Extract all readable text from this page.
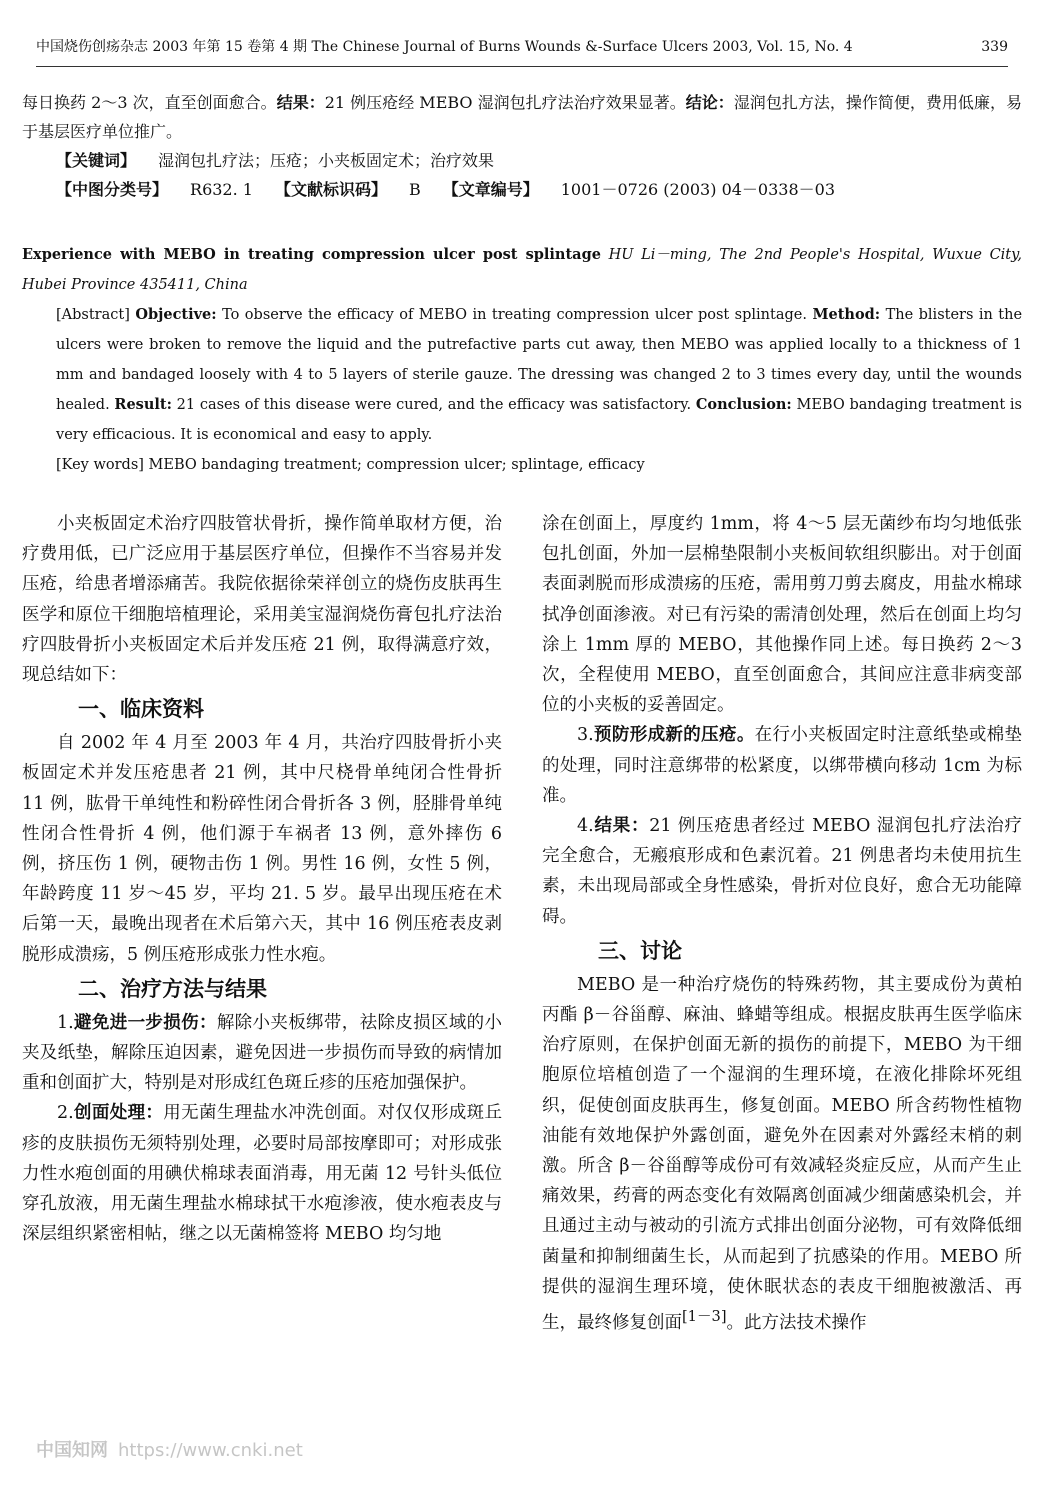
中国烧伤创疡杂志 2003 年第 15 卷第 4 期 The Chinese Journal of Burns Wounds &-Surface Ulcers 2003, Vol. 15, No. 4	339

每日换药 2～3 次，直至创面愈合。结果：21 例压疮经 MEBO 湿润包扎疗法治疗效果显著。结论：湿润包扎方法，操作简便，费用低廉，易于基层医疗单位推广。

【关键词】 湿润包扎疗法；压疮；小夹板固定术；治疗效果

【中图分类号】 R632. 1 【文献标识码】 B 【文章编号】 1001－0726 (2003) 04－0338－03

Experience with MEBO in treating compression ulcer post splintage HU Li－ming, The 2nd People's Hospital, Wuxue City, Hubei Province 435411, China

[Abstract] Objective: To observe the efficacy of MEBO in treating compression ulcer post splintage. Method: The blisters in the ulcers were broken to remove the liquid and the putrefactive parts cut away, then MEBO was applied locally to a thickness of 1 mm and bandaged loosely with 4 to 5 layers of sterile gauze. The dressing was changed 2 to 3 times every day, until the wounds healed. Result: 21 cases of this disease were cured, and the efficacy was satisfactory. Conclusion: MEBO bandaging treatment is very efficacious. It is economical and easy to apply.

[Key words] MEBO bandaging treatment; compression ulcer; splintage, efficacy

小夹板固定术治疗四肢管状骨折，操作简单取材方便，治疗费用低，已广泛应用于基层医疗单位，但操作不当容易并发压疮，给患者增添痛苦。我院依据徐荣祥创立的烧伤皮肤再生医学和原位干细胞培植理论，采用美宝湿润烧伤膏包扎疗法治疗四肢骨折小夹板固定术后并发压疮 21 例，取得满意疗效，现总结如下：

一、临床资料

自 2002 年 4 月至 2003 年 4 月，共治疗四肢骨折小夹板固定术并发压疮患者 21 例，其中尺桡骨单纯闭合性骨折 11 例，肱骨干单纯性和粉碎性闭合骨折各 3 例，胫腓骨单纯性闭合性骨折 4 例，他们源于车祸者 13 例，意外摔伤 6 例，挤压伤 1 例，硬物击伤 1 例。男性 16 例，女性 5 例，年龄跨度 11 岁～45 岁，平均 21. 5 岁。最早出现压疮在术后第一天，最晚出现者在术后第六天，其中 16 例压疮表皮剥脱形成溃疡，5 例压疮形成张力性水疱。

二、治疗方法与结果

1.避免进一步损伤：解除小夹板绑带，祛除皮损区域的小夹及纸垫，解除压迫因素，避免因进一步损伤而导致的病情加重和创面扩大，特别是对形成红色斑丘疹的压疮加强保护。

2.创面处理：用无菌生理盐水冲洗创面。对仅仅形成斑丘疹的皮肤损伤无须特别处理，必要时局部按摩即可；对形成张力性水疱创面的用碘伏棉球表面消毒，用无菌 12 号针头低位穿孔放液，用无菌生理盐水棉球拭干水疱渗液，使水疱表皮与深层组织紧密相帖，继之以无菌棉签将 MEBO 均匀地

涂在创面上，厚度约 1mm，将 4～5 层无菌纱布均匀地低张包扎创面，外加一层棉垫限制小夹板间软组织膨出。对于创面表面剥脱而形成溃疡的压疮，需用剪刀剪去腐皮，用盐水棉球拭净创面渗液。对已有污染的需清创处理，然后在创面上均匀涂上 1mm 厚的 MEBO，其他操作同上述。每日换药 2～3 次，全程使用 MEBO，直至创面愈合，其间应注意非病变部位的小夹板的妥善固定。

3.预防形成新的压疮。在行小夹板固定时注意纸垫或棉垫的处理，同时注意绑带的松紧度，以绑带横向移动 1cm 为标准。

4.结果：21 例压疮患者经过 MEBO 湿润包扎疗法治疗完全愈合，无瘢痕形成和色素沉着。21 例患者均未使用抗生素，未出现局部或全身性感染，骨折对位良好，愈合无功能障碍。

三、讨论

MEBO 是一种治疗烧伤的特殊药物，其主要成份为黄柏丙酯 β－谷甾醇、麻油、蜂蜡等组成。根据皮肤再生医学临床治疗原则，在保护创面无新的损伤的前提下，MEBO 为干细胞原位培植创造了一个湿润的生理环境，在液化排除坏死组织，促使创面皮肤再生，修复创面。MEBO 所含药物性植物油能有效地保护外露创面，避免外在因素对外露经末梢的刺激。所含 β－谷甾醇等成份可有效减轻炎症反应，从而产生止痛效果，药膏的两态变化有效隔离创面减少细菌感染机会，并且通过主动与被动的引流方式排出创面分泌物，可有效降低细菌量和抑制细菌生长，从而起到了抗感染的作用。MEBO 所提供的湿润生理环境，使休眠状态的表皮干细胞被激活、再生，最终修复创面[1－3]。此方法技术操作

中国知网 https://www.cnki.net
